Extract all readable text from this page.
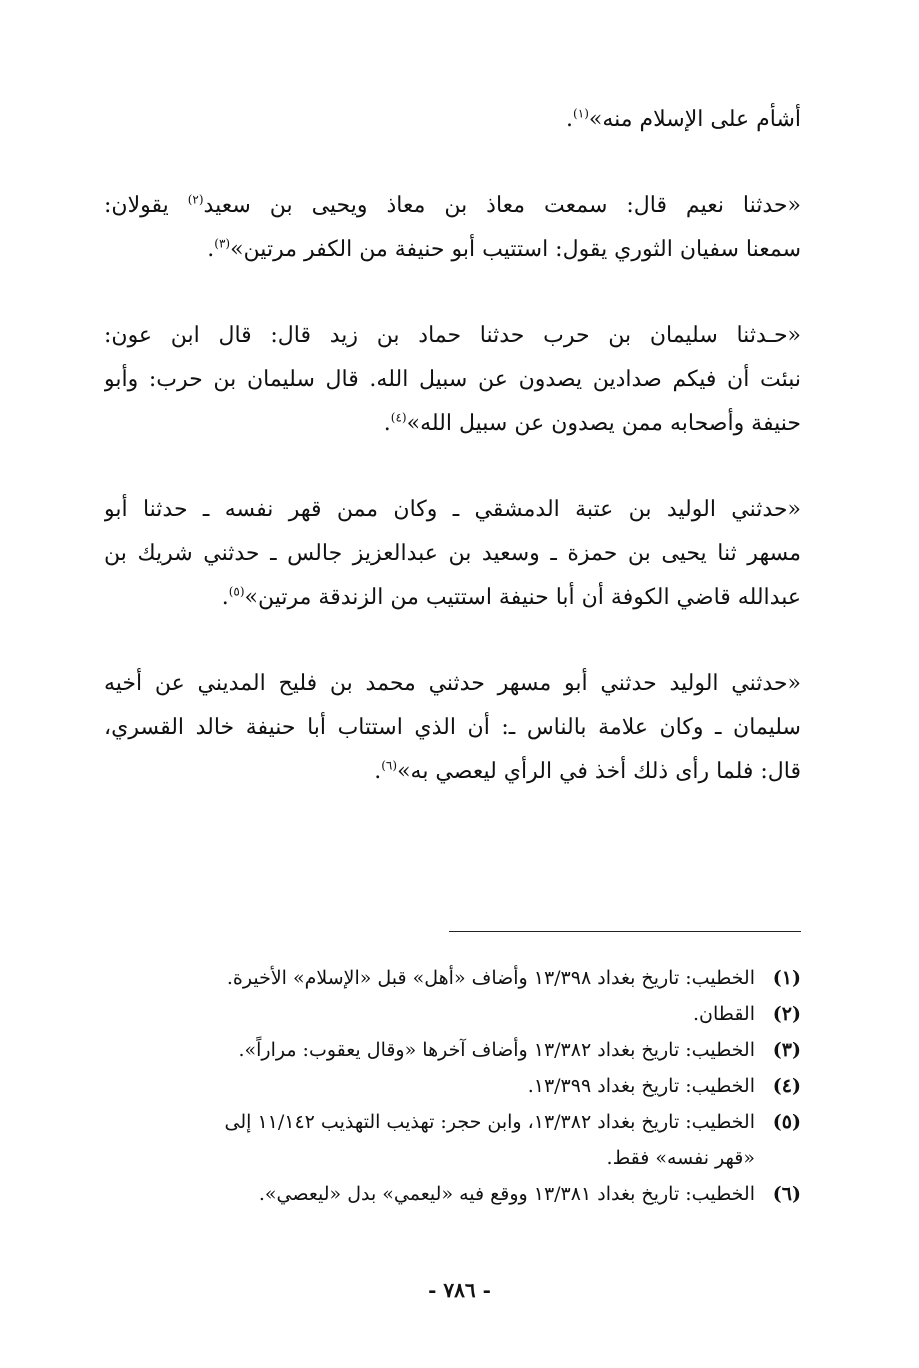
أشأم على الإسلام منه»$^{(١)}$.

«حدثنا نعيم قال: سمعت معاذ بن معاذ ويحيى بن سعيد$^{(٢)}$ يقولان:
سمعنا سفيان الثوري يقول: استتيب أبو حنيفة من الكفر مرتين»$^{(٣)}$.

«حـدثنا سليمان بن حرب حدثنا حماد بن زيد قال: قال ابن عون:
نبئت أن فيكم صدادين يصدون عن سبيل الله. قال سليمان بن حرب: وأبو
حنيفة وأصحابه ممن يصدون عن سبيل الله»$^{(٤)}$.

«حدثني الوليد بن عتبة الدمشقي ـ وكان ممن قهر نفسه ـ حدثنا أبو
مسهر ثنا يحيى بن حمزة ـ وسعيد بن عبدالعزيز جالس ـ حدثني شريك بن
عبدالله قاضي الكوفة أن أبا حنيفة استتيب من الزندقة مرتين»$^{(٥)}$.

«حدثني الوليد حدثني أبو مسهر حدثني محمد بن فليح المديني عن أخيه
سليمان ـ وكان علامة بالناس ـ: أن الذي استتاب أبا حنيفة خالد القسري،
قال: فلما رأى ذلك أخذ في الرأي ليعصي به»$^{(٦)}$.

(١)
الخطيب: تاريخ بغداد ١٣/٣٩٨ وأضاف «أهل» قبل «الإسلام» الأخيرة.
(٢)
القطان.
(٣)
الخطيب: تاريخ بغداد ١٣/٣٨٢ وأضاف آخرها «وقال يعقوب: مراراً».
(٤)
الخطيب: تاريخ بغداد ١٣/٣٩٩.
(٥)
الخطيب: تاريخ بغداد ١٣/٣٨٢، وابن حجر: تهذيب التهذيب ١١/١٤٢ إلى
«قهر نفسه» فقط.
(٦)
الخطيب: تاريخ بغداد ١٣/٣٨١ ووقع فيه «ليعمي» بدل «ليعصي».
- ٧٨٦ -
